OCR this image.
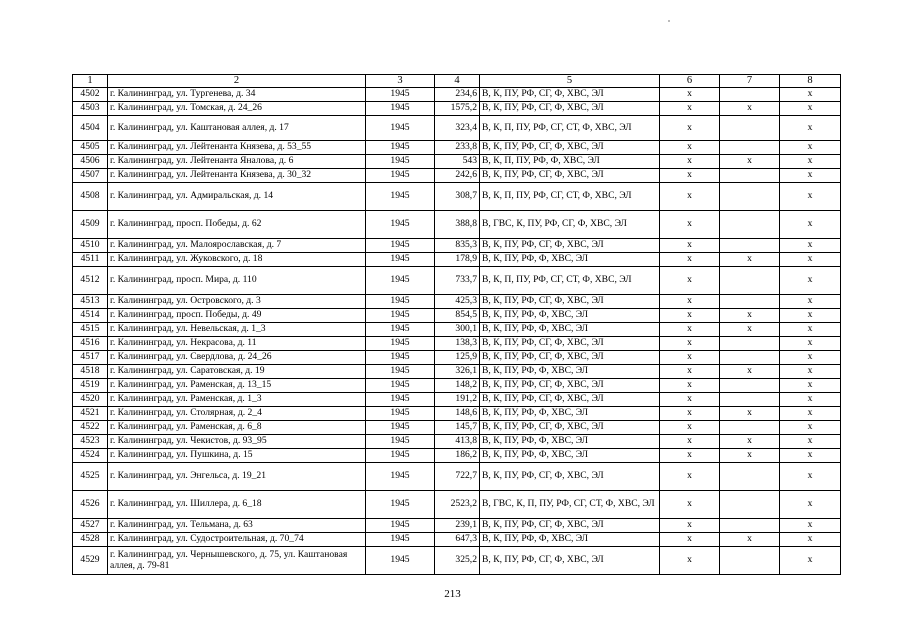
1	2	3	4	5	6	7	8
4502	г. Калининград, ул. Тургенева, д. 34	1945	234,6	В, К, ПУ, РФ, СГ, Ф, ХВС, ЭЛ	x		x
4503	г. Калининград, ул. Томская, д. 24_26	1945	1575,2	В, К, ПУ, РФ, СГ, Ф, ХВС, ЭЛ	x	x	x
4504	г. Калининград, ул. Каштановая аллея, д. 17	1945	323,4	В, К, П, ПУ, РФ, СГ, СТ, Ф, ХВС, ЭЛ	x		x
4505	г. Калининград, ул. Лейтенанта Князева, д. 53_55	1945	233,8	В, К, ПУ, РФ, СГ, Ф, ХВС, ЭЛ	x		x
4506	г. Калининград, ул. Лейтенанта Яналова, д. 6	1945	543	В, К, П, ПУ, РФ, Ф, ХВС, ЭЛ	x	x	x
4507	г. Калининград, ул. Лейтенанта Князева, д. 30_32	1945	242,6	В, К, ПУ, РФ, СГ, Ф, ХВС, ЭЛ	x		x
4508	г. Калининград, ул. Адмиральская, д. 14	1945	308,7	В, К, П, ПУ, РФ, СГ, СТ, Ф, ХВС, ЭЛ	x		x
4509	г. Калининград, просп. Победы, д. 62	1945	388,8	В, ГВС, К, ПУ, РФ, СГ, Ф, ХВС, ЭЛ	x		x
4510	г. Калининград, ул. Малоярославская, д. 7	1945	835,3	В, К, ПУ, РФ, СГ, Ф, ХВС, ЭЛ	x		x
4511	г. Калининград, ул. Жуковского, д. 18	1945	178,9	В, К, ПУ, РФ, Ф, ХВС, ЭЛ	x	x	x
4512	г. Калининград, просп. Мира, д. 110	1945	733,7	В, К, П, ПУ, РФ, СГ, СТ, Ф, ХВС, ЭЛ	x		x
4513	г. Калининград, ул. Островского, д. 3	1945	425,3	В, К, ПУ, РФ, СГ, Ф, ХВС, ЭЛ	x		x
4514	г. Калининград, просп. Победы, д. 49	1945	854,5	В, К, ПУ, РФ, Ф, ХВС, ЭЛ	x	x	x
4515	г. Калининград, ул. Невельская, д. 1_3	1945	300,1	В, К, ПУ, РФ, Ф, ХВС, ЭЛ	x	x	x
4516	г. Калининград, ул. Некрасова, д. 11	1945	138,3	В, К, ПУ, РФ, СГ, Ф, ХВС, ЭЛ	x		x
4517	г. Калининград, ул. Свердлова, д. 24_26	1945	125,9	В, К, ПУ, РФ, СГ, Ф, ХВС, ЭЛ	x		x
4518	г. Калининград, ул. Саратовская, д. 19	1945	326,1	В, К, ПУ, РФ, Ф, ХВС, ЭЛ	x	x	x
4519	г. Калининград, ул. Раменская, д. 13_15	1945	148,2	В, К, ПУ, РФ, СГ, Ф, ХВС, ЭЛ	x		x
4520	г. Калининград, ул. Раменская, д. 1_3	1945	191,2	В, К, ПУ, РФ, СГ, Ф, ХВС, ЭЛ	x		x
4521	г. Калининград, ул. Столярная, д. 2_4	1945	148,6	В, К, ПУ, РФ, Ф, ХВС, ЭЛ	x	x	x
4522	г. Калининград, ул. Раменская, д. 6_8	1945	145,7	В, К, ПУ, РФ, СГ, Ф, ХВС, ЭЛ	x		x
4523	г. Калининград, ул. Чекистов, д. 93_95	1945	413,8	В, К, ПУ, РФ, Ф, ХВС, ЭЛ	x	x	x
4524	г. Калининград, ул. Пушкина, д. 15	1945	186,2	В, К, ПУ, РФ, Ф, ХВС, ЭЛ	x	x	x
4525	г. Калининград, ул. Энгельса, д. 19_21	1945	722,7	В, К, ПУ, РФ, СГ, Ф, ХВС, ЭЛ	x		x
4526	г. Калининград, ул. Шиллера, д. 6_18	1945	2523,2	В, ГВС, К, П, ПУ, РФ, СГ, СТ, Ф, ХВС, ЭЛ	x		x
4527	г. Калининград, ул. Тельмана, д. 63	1945	239,1	В, К, ПУ, РФ, СГ, Ф, ХВС, ЭЛ	x		x
4528	г. Калининград, ул. Судостроительная, д. 70_74	1945	647,3	В, К, ПУ, РФ, Ф, ХВС, ЭЛ	x	x	x
4529	г. Калининград, ул. Чернышевского, д. 75, ул. Каштановая аллея, д. 79-81	1945	325,2	В, К, ПУ, РФ, СГ, Ф, ХВС, ЭЛ	x		x
213
